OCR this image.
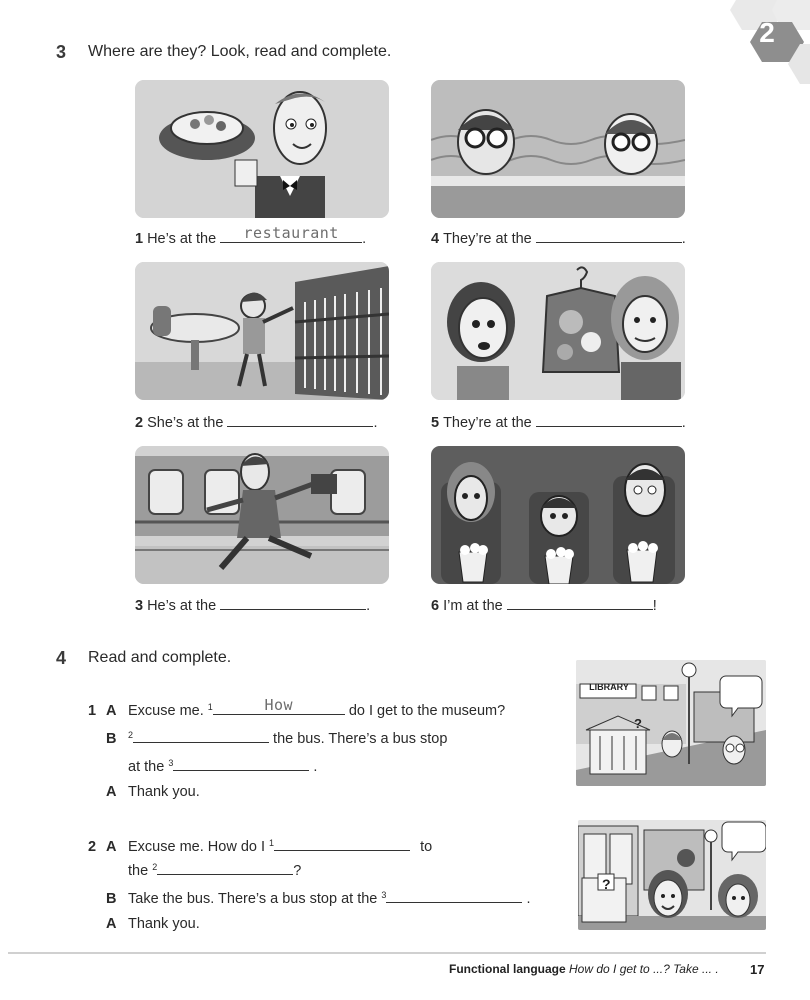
2
3 Where are they? Look, read and complete.
1 He’s at the	restaurant	.	4 They’re at the	.
2 She’s at the	.	5 They’re at the	.
3 He’s at the	.	6 I’m at the	!
4 Read and complete.
1 A Excuse me. $^1$	How	do I get to the museum?
B $^2$	the bus. There’s a bus stop
at the $^3$	.
A Thank you.
LIBRARY
?
2 A Excuse me. How do I $^1$	to
the $^2$	?
B Take the bus. There’s a bus stop at the $^3$	.
A Thank you.
?
Functional language How do I get to ...? Take ... . 17
